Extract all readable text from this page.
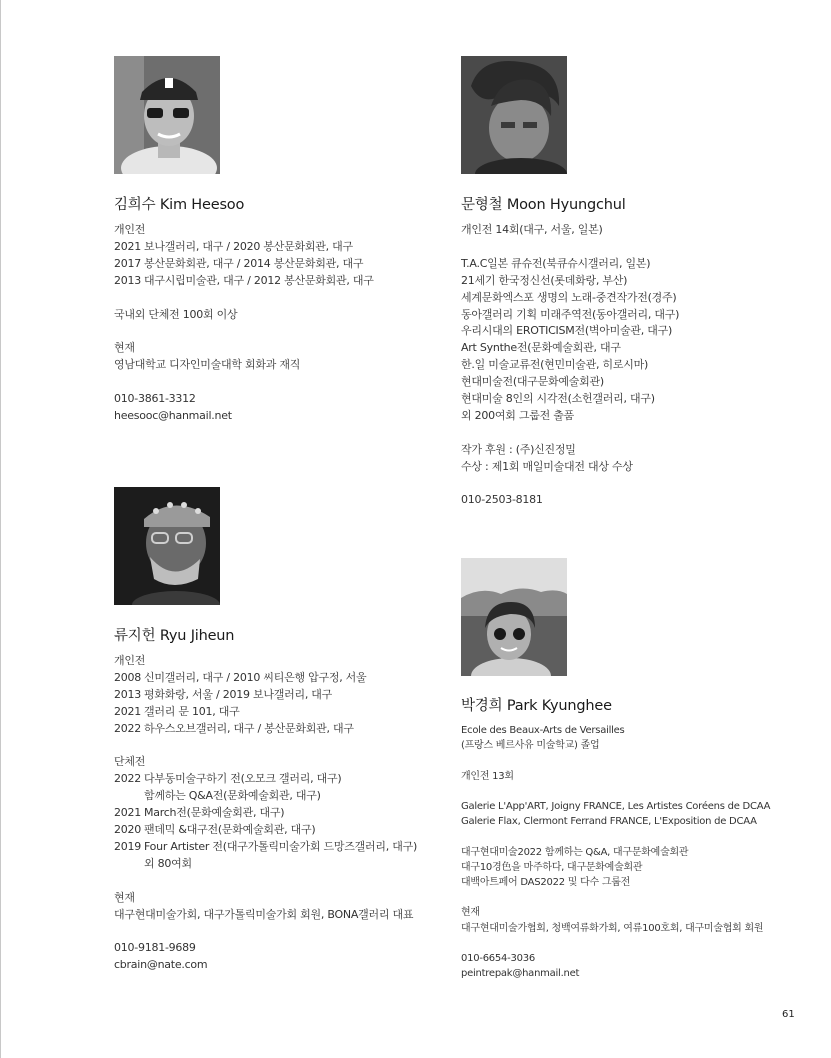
김희수 Kim Heesoo
개인전
2021 보나갤러리, 대구 / 2020 봉산문화회관, 대구
2017 봉산문화회관, 대구 / 2014 봉산문화회관, 대구
2013 대구시립미술관, 대구 / 2012 봉산문화회관, 대구
국내외 단체전 100회 이상
현재
영남대학교 디자인미술대학 회화과 재직
010-3861-3312
heesooc@hanmail.net
문형철 Moon Hyungchul
개인전 14회(대구, 서울, 일본)
T.A.C일본 큐슈전(북큐슈시갤러리, 일본)
21세기 한국정신선(롯데화랑, 부산)
세계문화엑스포 생명의 노래-중견작가전(경주)
동아갤러리 기획 미래주역전(동아갤러리, 대구)
우리시대의 EROTICISM전(벽아미술관, 대구)
Art Synthe전(문화예술회관, 대구
한.일 미술교류전(현민미술관, 히로시마)
현대미술전(대구문화예술회관)
현대미술 8인의 시각전(소헌갤러리, 대구)
외 200여회 그룹전 출품
작가 후원 : (주)신진정밀
수상 : 제1회 매일미술대전 대상 수상
010-2503-8181
류지헌 Ryu Jiheun
개인전
2008 신미갤러리, 대구 / 2010 씨티은행 압구정, 서울
2013 평화화랑, 서울 / 2019 보나갤러리, 대구
2021 갤러리 문 101, 대구
2022 하우스오브갤러리, 대구 / 봉산문화회관, 대구
단체전
2022 다부동미술구하기 전(오모크 갤러리, 대구)
함께하는 Q&A전(문화예술회관, 대구)
2021 March전(문화예술회관, 대구)
2020 팬데믹 &대구전(문화예술회관, 대구)
2019 Four Artister 전(대구가톨릭미술가회 드망즈갤러리, 대구)
외 80여회
현재
대구현대미술가회, 대구가톨릭미술가회 회원, BONA갤러리 대표
010-9181-9689
cbrain@nate.com
박경희 Park Kyunghee
Ecole des Beaux-Arts de Versailles
(프랑스 베르사유 미술학교) 졸업
개인전 13회
Galerie L'App'ART, Joigny FRANCE, Les Artistes Coréens de DCAA
Galerie Flax, Clermont Ferrand FRANCE, L'Exposition de DCAA
대구현대미술2022 함께하는 Q&A, 대구문화예술회관
대구10경色을 마주하다, 대구문화예술회관
대백아트페어 DAS2022 및 다수 그룹전
현재
대구현대미술가협회, 청백여류화가회, 여류100호회, 대구미술협회 회원
010-6654-3036
peintrepak@hanmail.net
61
